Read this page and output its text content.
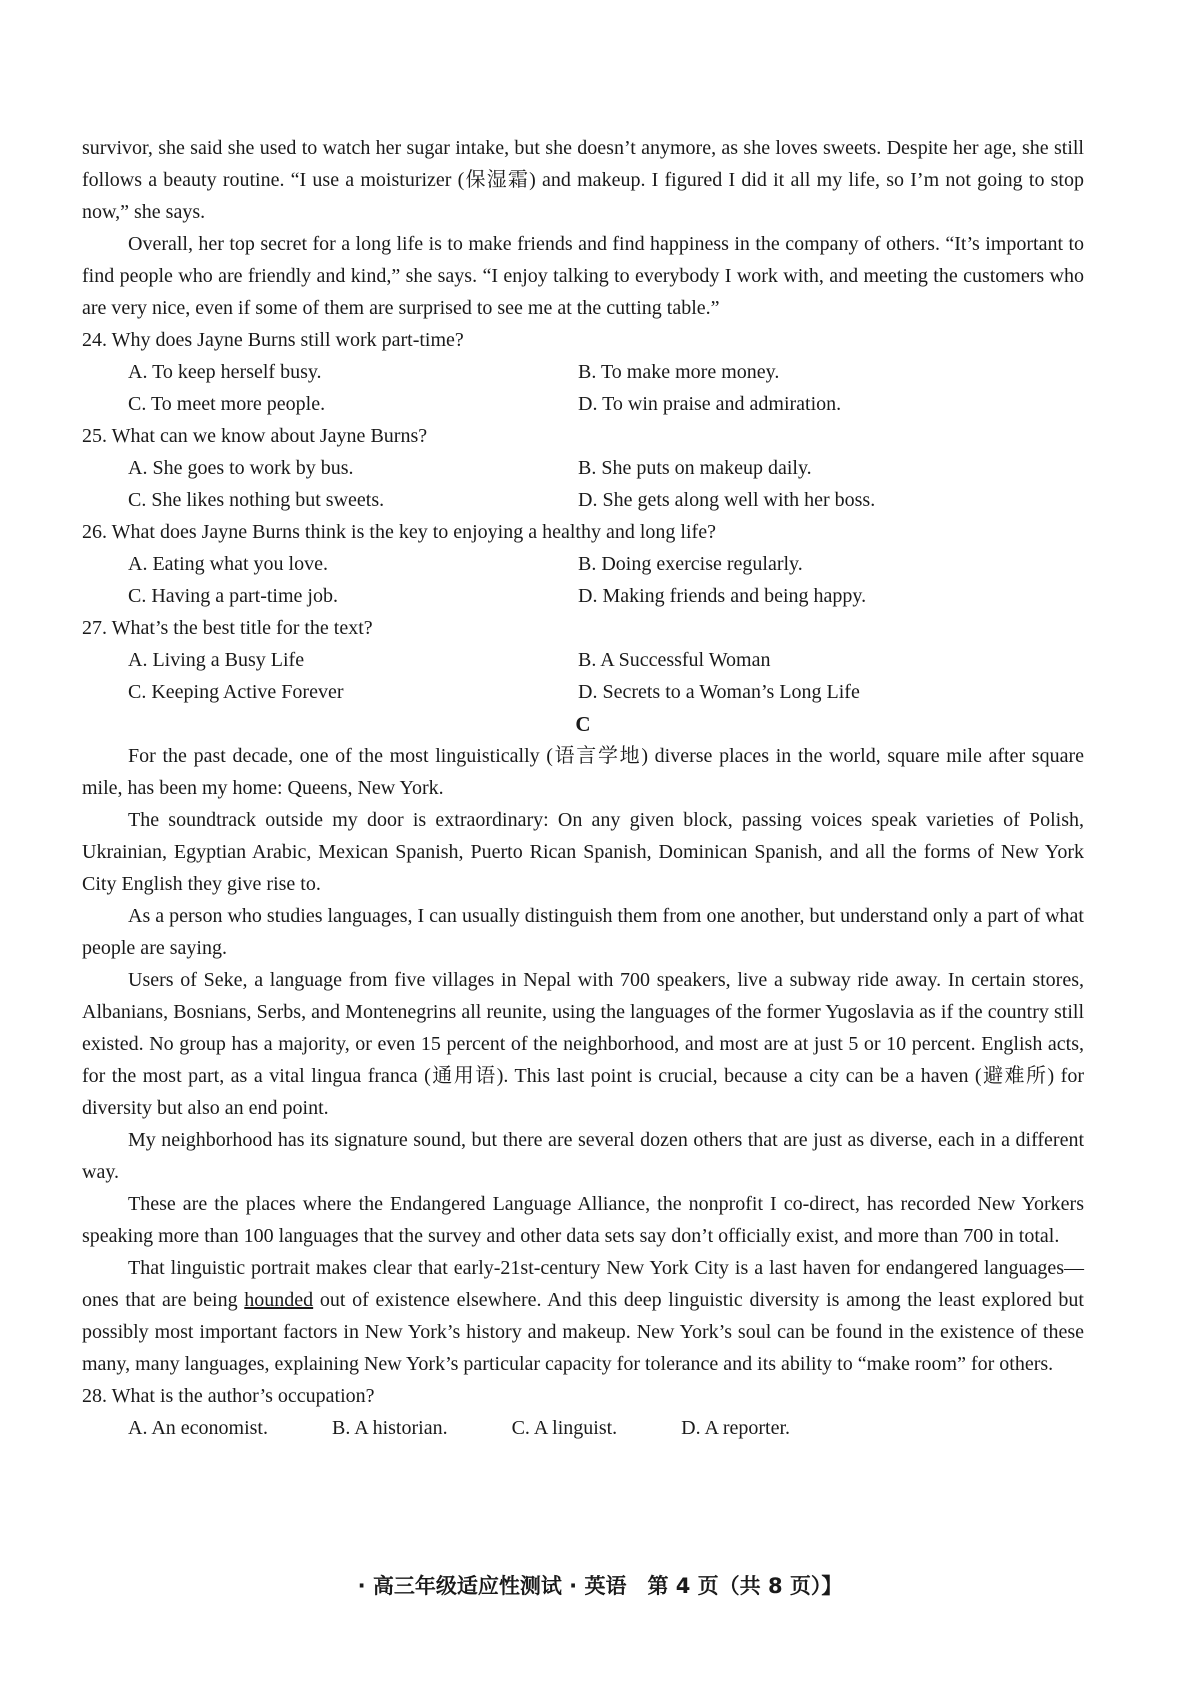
survivor, she said she used to watch her sugar intake, but she doesn’t anymore, as she loves sweets. Despite her age, she still follows a beauty routine. “I use a moisturizer (保湿霜) and makeup. I figured I did it all my life, so I’m not going to stop now,” she says.

Overall, her top secret for a long life is to make friends and find happiness in the company of others. “It’s important to find people who are friendly and kind,” she says. “I enjoy talking to everybody I work with, and meeting the customers who are very nice, even if some of them are surprised to see me at the cutting table.”

24. Why does Jayne Burns still work part-time?

A. To keep herself busy.	B. To make more money.

C. To meet more people.	D. To win praise and admiration.

25. What can we know about Jayne Burns?

A. She goes to work by bus.	B. She puts on makeup daily.

C. She likes nothing but sweets.	D. She gets along well with her boss.

26. What does Jayne Burns think is the key to enjoying a healthy and long life?

A. Eating what you love.	B. Doing exercise regularly.

C. Having a part-time job.	D. Making friends and being happy.

27. What’s the best title for the text?

A. Living a Busy Life	B. A Successful Woman

C. Keeping Active Forever	D. Secrets to a Woman’s Long Life

C

For the past decade, one of the most linguistically (语言学地) diverse places in the world, square mile after square mile, has been my home: Queens, New York.

The soundtrack outside my door is extraordinary: On any given block, passing voices speak varieties of Polish, Ukrainian, Egyptian Arabic, Mexican Spanish, Puerto Rican Spanish, Dominican Spanish, and all the forms of New York City English they give rise to.

As a person who studies languages, I can usually distinguish them from one another, but understand only a part of what people are saying.

Users of Seke, a language from five villages in Nepal with 700 speakers, live a subway ride away. In certain stores, Albanians, Bosnians, Serbs, and Montenegrins all reunite, using the languages of the former Yugoslavia as if the country still existed. No group has a majority, or even 15 percent of the neighborhood, and most are at just 5 or 10 percent. English acts, for the most part, as a vital lingua franca (通用语). This last point is crucial, because a city can be a haven (避难所) for diversity but also an end point.

My neighborhood has its signature sound, but there are several dozen others that are just as diverse, each in a different way.

These are the places where the Endangered Language Alliance, the nonprofit I co-direct, has recorded New Yorkers speaking more than 100 languages that the survey and other data sets say don’t officially exist, and more than 700 in total.

That linguistic portrait makes clear that early-21st-century New York City is a last haven for endangered languages—ones that are being hounded out of existence elsewhere. And this deep linguistic diversity is among the least explored but possibly most important factors in New York’s history and makeup. New York’s soul can be found in the existence of these many, many languages, explaining New York’s particular capacity for tolerance and its ability to “make room” for others.

28. What is the author’s occupation?

A. An economist.	B. A historian.	C. A linguist.	D. A reporter.

· 高三年级适应性测试 · 英语　第 4 页（共 8 页）】
